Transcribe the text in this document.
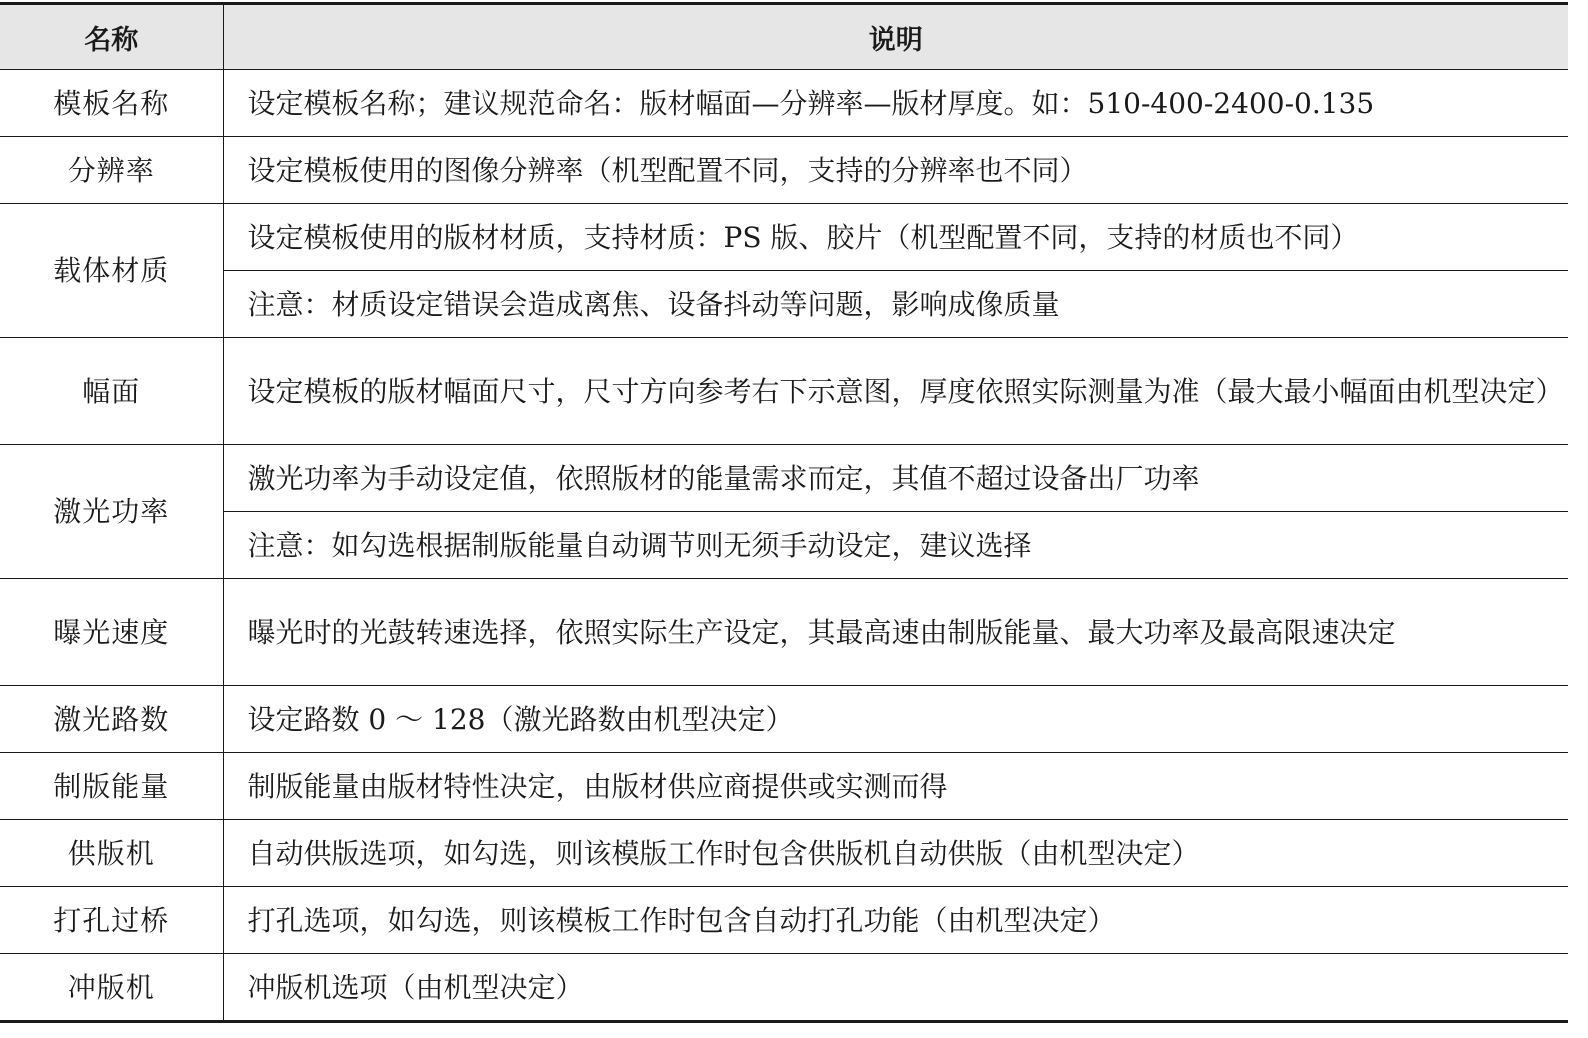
名称	说明
模板名称	设定模板名称；建议规范命名：版材幅面—分辨率—版材厚度。如：510-400-2400-0.135
分辨率	设定模板使用的图像分辨率（机型配置不同，支持的分辨率也不同）
载体材质	设定模板使用的版材材质，支持材质：PS 版、胶片（机型配置不同，支持的材质也不同）
	注意：材质设定错误会造成离焦、设备抖动等问题，影响成像质量
幅面	设定模板的版材幅面尺寸，尺寸方向参考右下示意图，厚度依照实际测量为准（最大最小幅面由机型决定）
激光功率	激光功率为手动设定值，依照版材的能量需求而定，其值不超过设备出厂功率
	注意：如勾选根据制版能量自动调节则无须手动设定，建议选择
曝光速度	曝光时的光鼓转速选择，依照实际生产设定，其最高速由制版能量、最大功率及最高限速决定
激光路数	设定路数 0 ～ 128（激光路数由机型决定）
制版能量	制版能量由版材特性决定，由版材供应商提供或实测而得
供版机	自动供版选项，如勾选，则该模版工作时包含供版机自动供版（由机型决定）
打孔过桥	打孔选项，如勾选，则该模板工作时包含自动打孔功能（由机型决定）
冲版机	冲版机选项（由机型决定）
